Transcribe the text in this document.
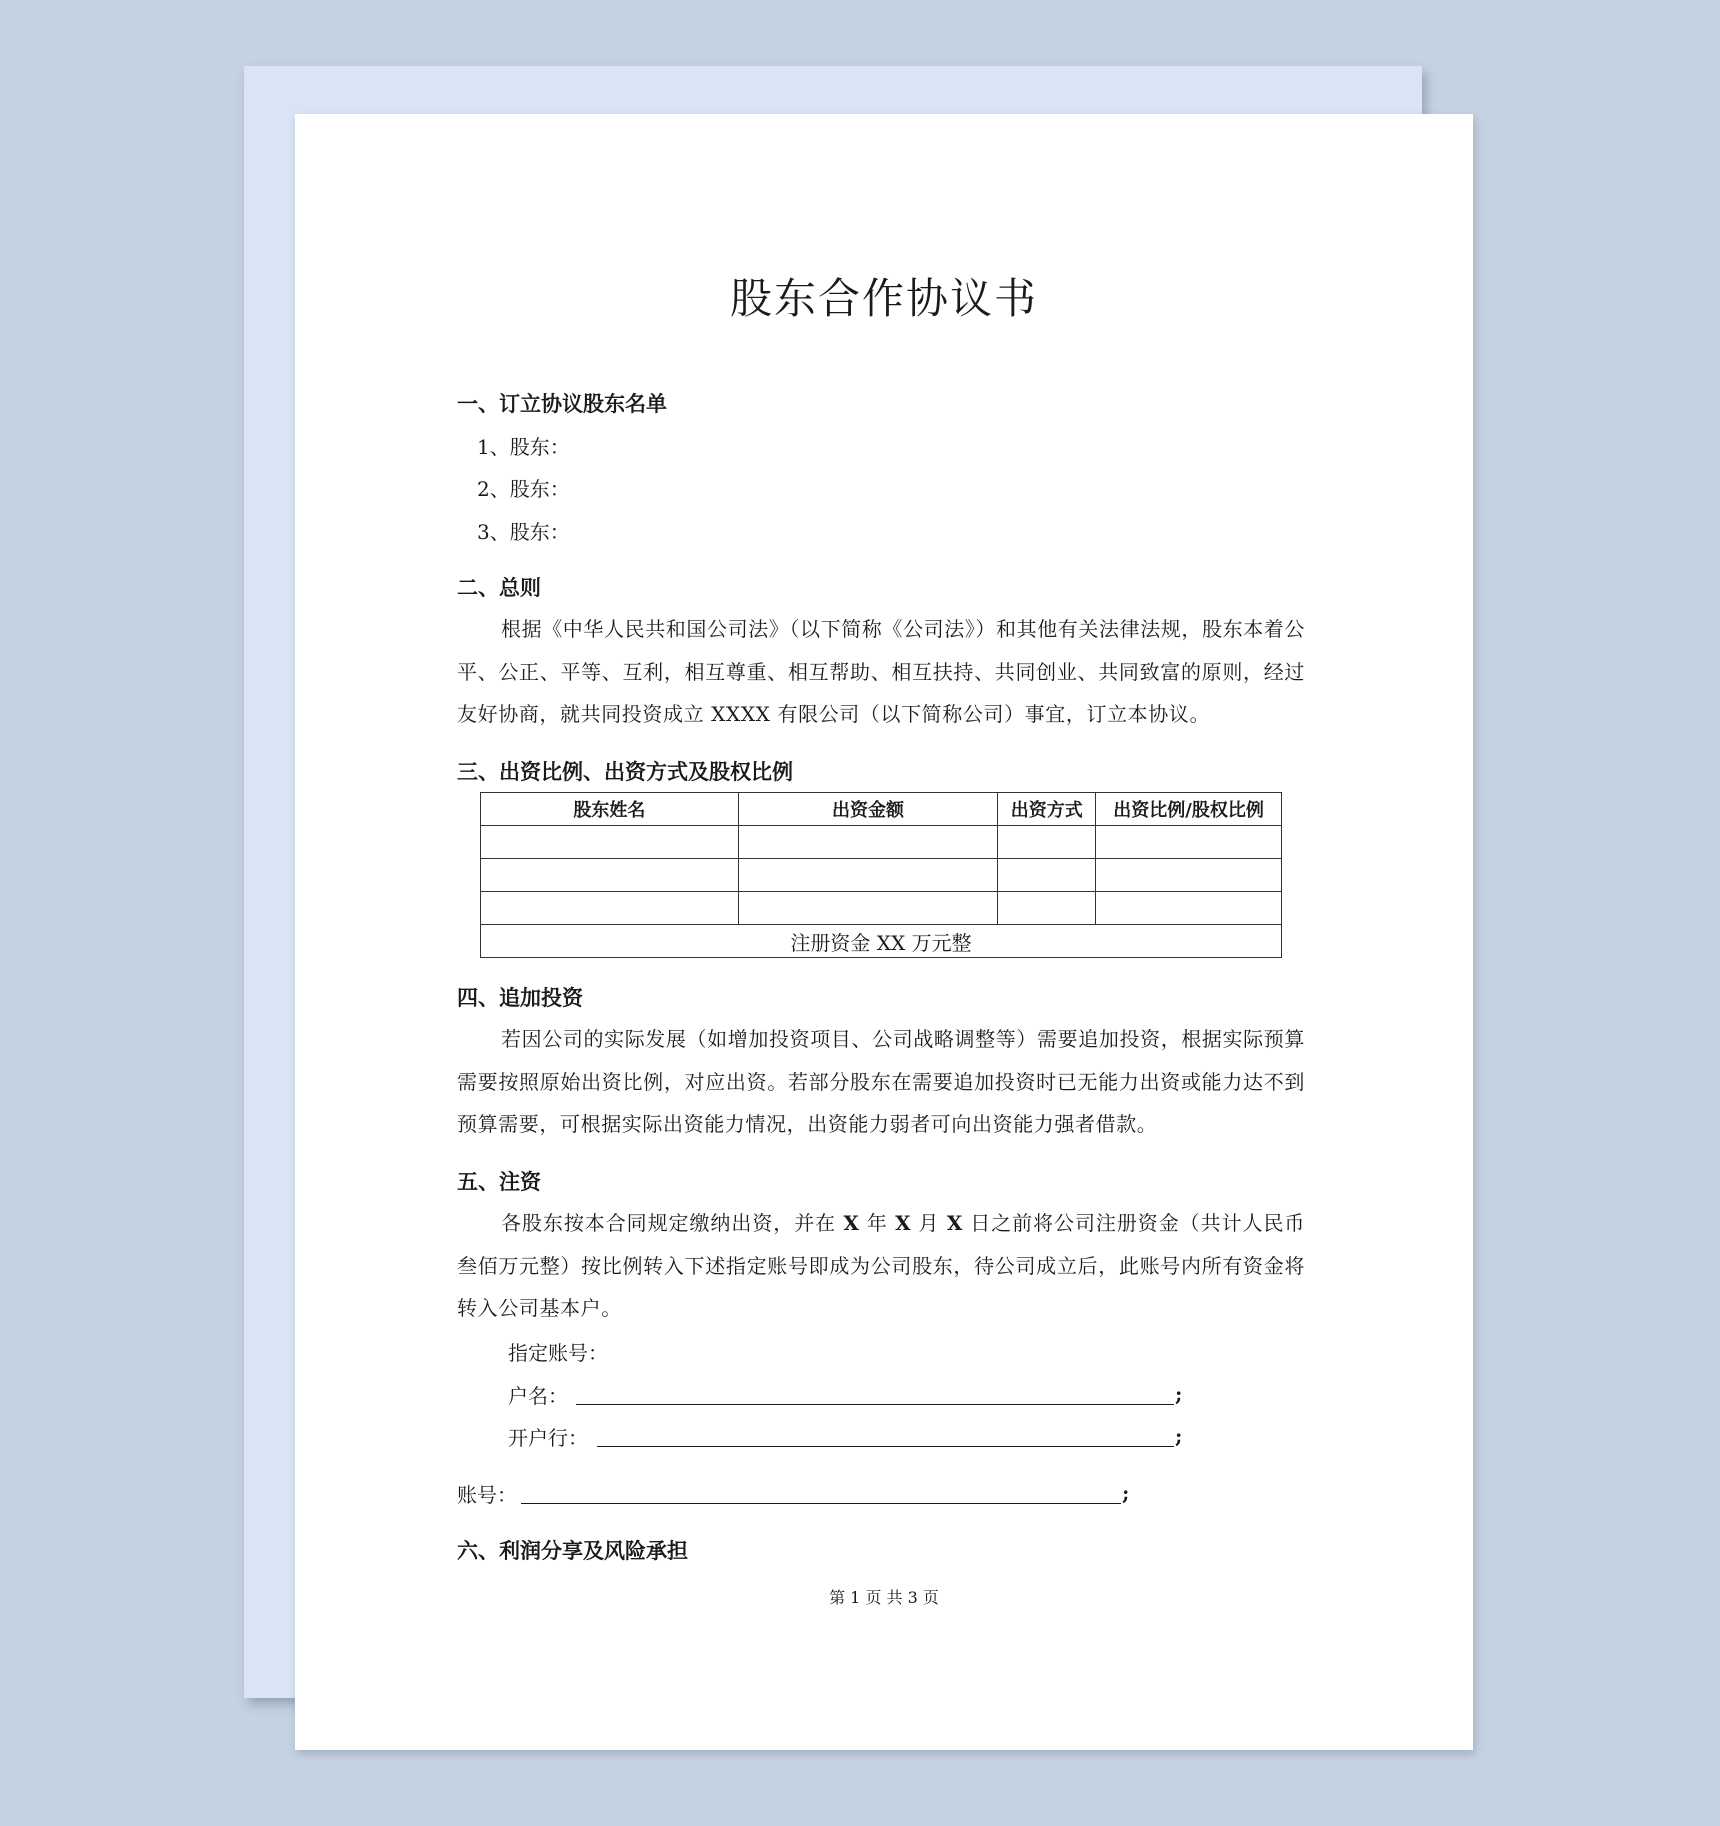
股东合作协议书
一、订立协议股东名单
1、股东：
2、股东：
3、股东：
二、总则
根据《中华人民共和国公司法》（以下简称《公司法》）和其他有关法律法规，股东本着公平、公正、平等、互利，相互尊重、相互帮助、相互扶持、共同创业、共同致富的原则，经过友好协商，就共同投资成立 XXXX 有限公司（以下简称公司）事宜，订立本协议。
三、出资比例、出资方式及股权比例
股东姓名	出资金额	出资方式	出资比例/股权比例

注册资金 XX 万元整			
四、追加投资
若因公司的实际发展（如增加投资项目、公司战略调整等）需要追加投资，根据实际预算需要按照原始出资比例，对应出资。若部分股东在需要追加投资时已无能力出资或能力达不到预算需要，可根据实际出资能力情况，出资能力弱者可向出资能力强者借款。
五、注资
各股东按本合同规定缴纳出资，并在 X 年 X 月 X 日之前将公司注册资金（共计人民币叁佰万元整）按比例转入下述指定账号即成为公司股东，待公司成立后，此账号内所有资金将转入公司基本户。
指定账号：
户名：	;
开户行：	;
账号：	;
六、利润分享及风险承担
第 1 页 共 3 页
